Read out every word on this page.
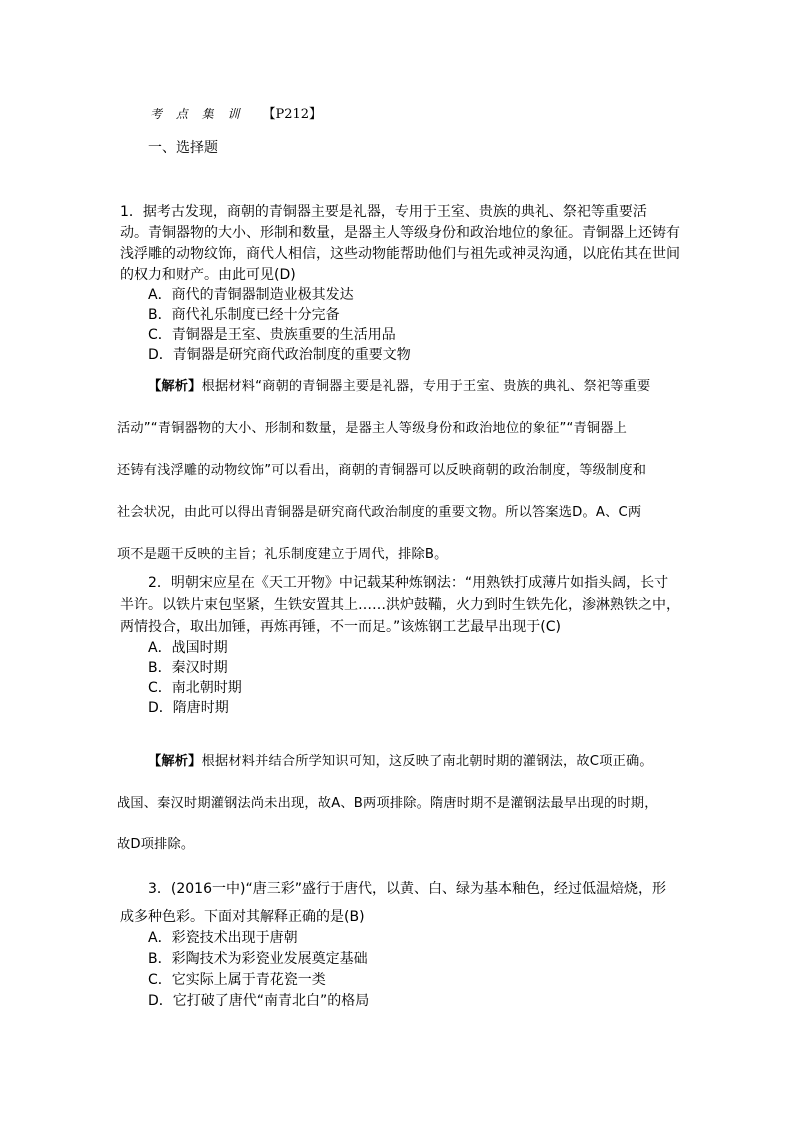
考 点 集 训 【P212】
一、选择题
1．据考古发现，商朝的青铜器主要是礼器，专用于王室、贵族的典礼、祭祀等重要活
动。青铜器物的大小、形制和数量，是器主人等级身份和政治地位的象征。青铜器上还铸有
浅浮雕的动物纹饰，商代人相信，这些动物能帮助他们与祖先或神灵沟通，以庇佑其在世间
的权力和财产。由此可见(D)
A．商代的青铜器制造业极其发达
B．商代礼乐制度已经十分完备
C．青铜器是王室、贵族重要的生活用品
D．青铜器是研究商代政治制度的重要文物
【解析】根据材料“商朝的青铜器主要是礼器，专用于王室、贵族的典礼、祭祀等重要
活动”“青铜器物的大小、形制和数量，是器主人等级身份和政治地位的象征”“青铜器上
还铸有浅浮雕的动物纹饰”可以看出，商朝的青铜器可以反映商朝的政治制度，等级制度和
社会状况，由此可以得出青铜器是研究商代政治制度的重要文物。所以答案选D。A、C两
项不是题干反映的主旨；礼乐制度建立于周代，排除B。
2．明朝宋应星在《天工开物》中记载某种炼钢法：“用熟铁打成薄片如指头阔，长寸
半许。以铁片束包坚紧，生铁安置其上……洪炉鼓鞴，火力到时生铁先化，渗淋熟铁之中，
两情投合，取出加锤，再炼再锤，不一而足。”该炼钢工艺最早出现于(C)
A．战国时期
B．秦汉时期
C．南北朝时期
D．隋唐时期
【解析】根据材料并结合所学知识可知，这反映了南北朝时期的灌钢法，故C项正确。
战国、秦汉时期灌钢法尚未出现，故A、B两项排除。隋唐时期不是灌钢法最早出现的时期，
故D项排除。
3．(2016一中)“唐三彩”盛行于唐代，以黄、白、绿为基本釉色，经过低温焙烧，形
成多种色彩。下面对其解释正确的是(B)
A．彩瓷技术出现于唐朝
B．彩陶技术为彩瓷业发展奠定基础
C．它实际上属于青花瓷一类
D．它打破了唐代“南青北白”的格局
